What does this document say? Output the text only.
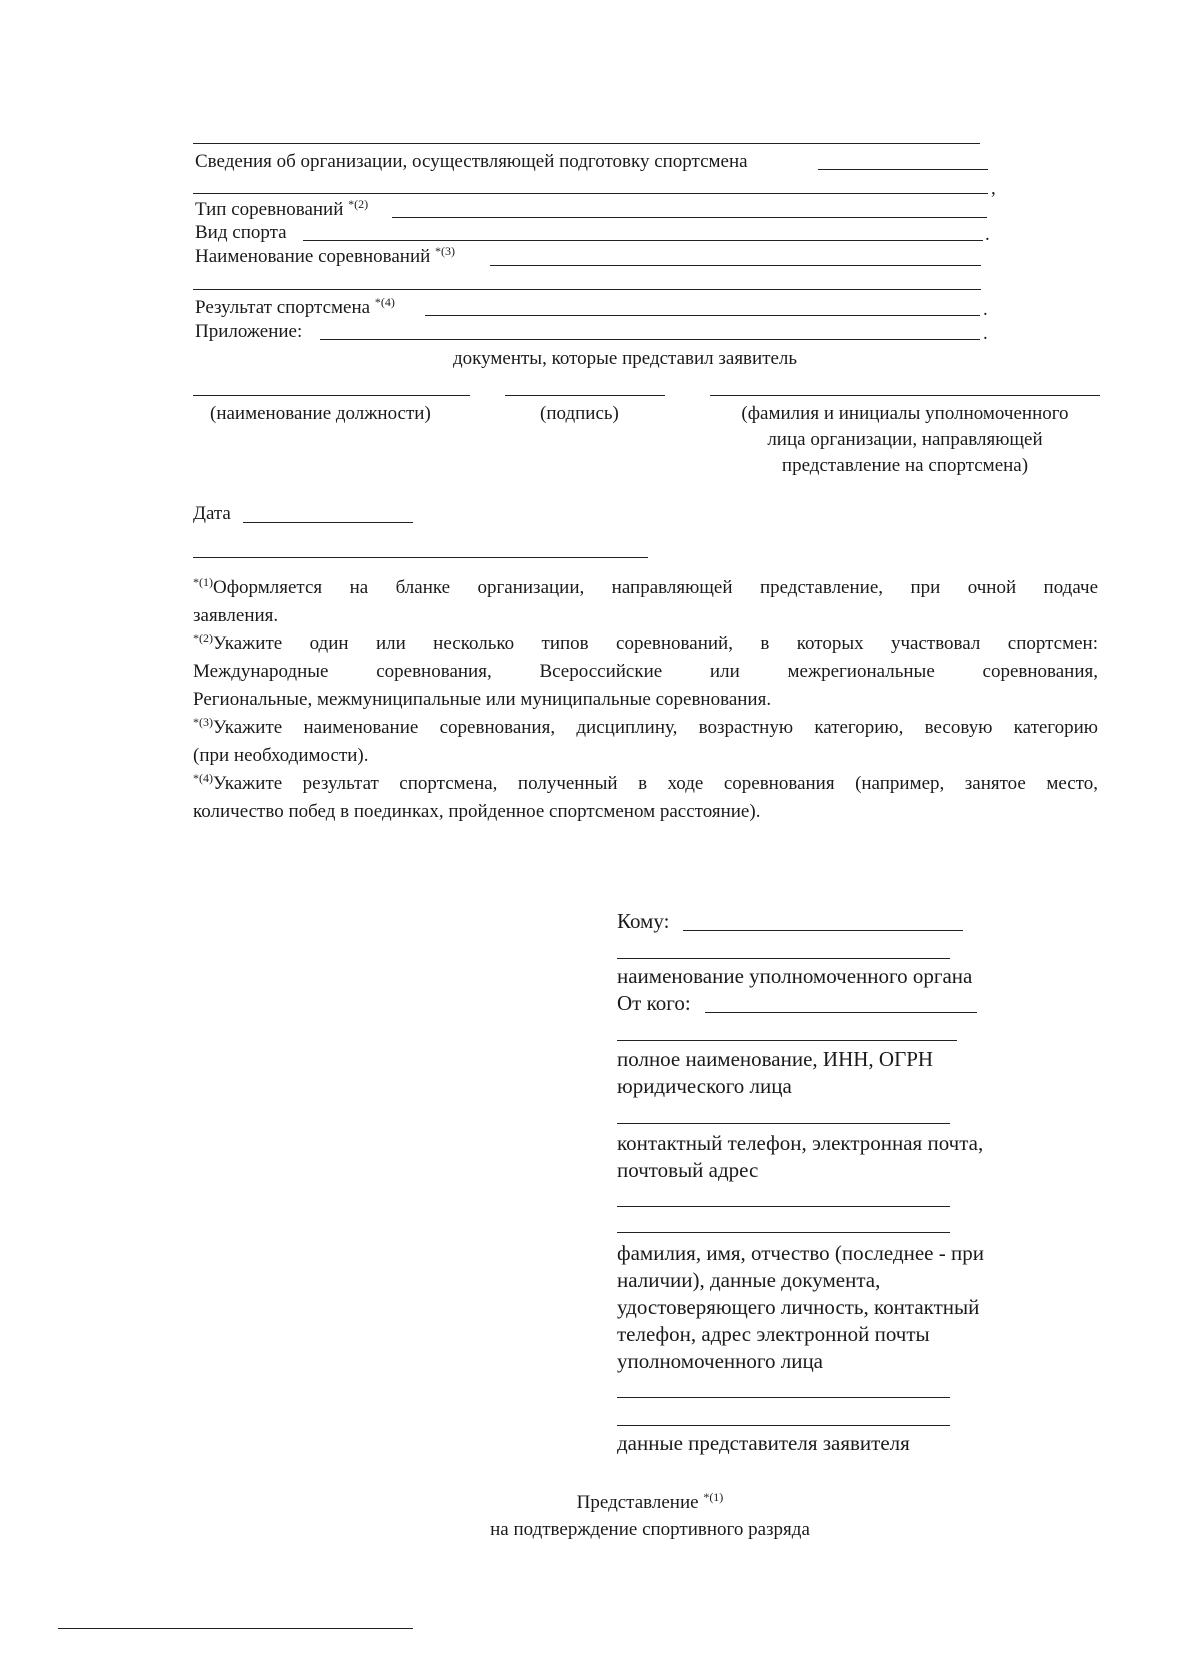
Сведения об организации, осуществляющей подготовку спортсмена
,
Тип соревнований $^{*(2)}$
Вид спорта	.
Наименование соревнований $^{*(3)}$
Результат спортсмена $^{*(4)}$	.
Приложение:	.
документы, которые представил заявитель
(наименование должности)	(подпись)	(фамилия и инициалы уполномоченного
лица организации, направляющей
представление на спортсмена)
Дата
$^{*(1)}$Оформляется на бланке организации, направляющей представление, при очной подаче
заявления.
$^{*(2)}$Укажите один или несколько типов соревнований, в которых участвовал спортсмен:
Международные соревнования, Всероссийские или межрегиональные соревнования,
Региональные, межмуниципальные или муниципальные соревнования.
$^{*(3)}$Укажите наименование соревнования, дисциплину, возрастную категорию, весовую категорию
(при необходимости).
$^{*(4)}$Укажите результат спортсмена, полученный в ходе соревнования (например, занятое место,
количество побед в поединках, пройденное спортсменом расстояние).
Кому:
наименование уполномоченного органа
От кого:
полное наименование, ИНН, ОГРН
юридического лица
контактный телефон, электронная почта,
почтовый адрес
фамилия, имя, отчество (последнее - при
наличии), данные документа,
удостоверяющего личность, контактный
телефон, адрес электронной почты
уполномоченного лица
данные представителя заявителя
Представление $^{*(1)}$
на подтверждение спортивного разряда
